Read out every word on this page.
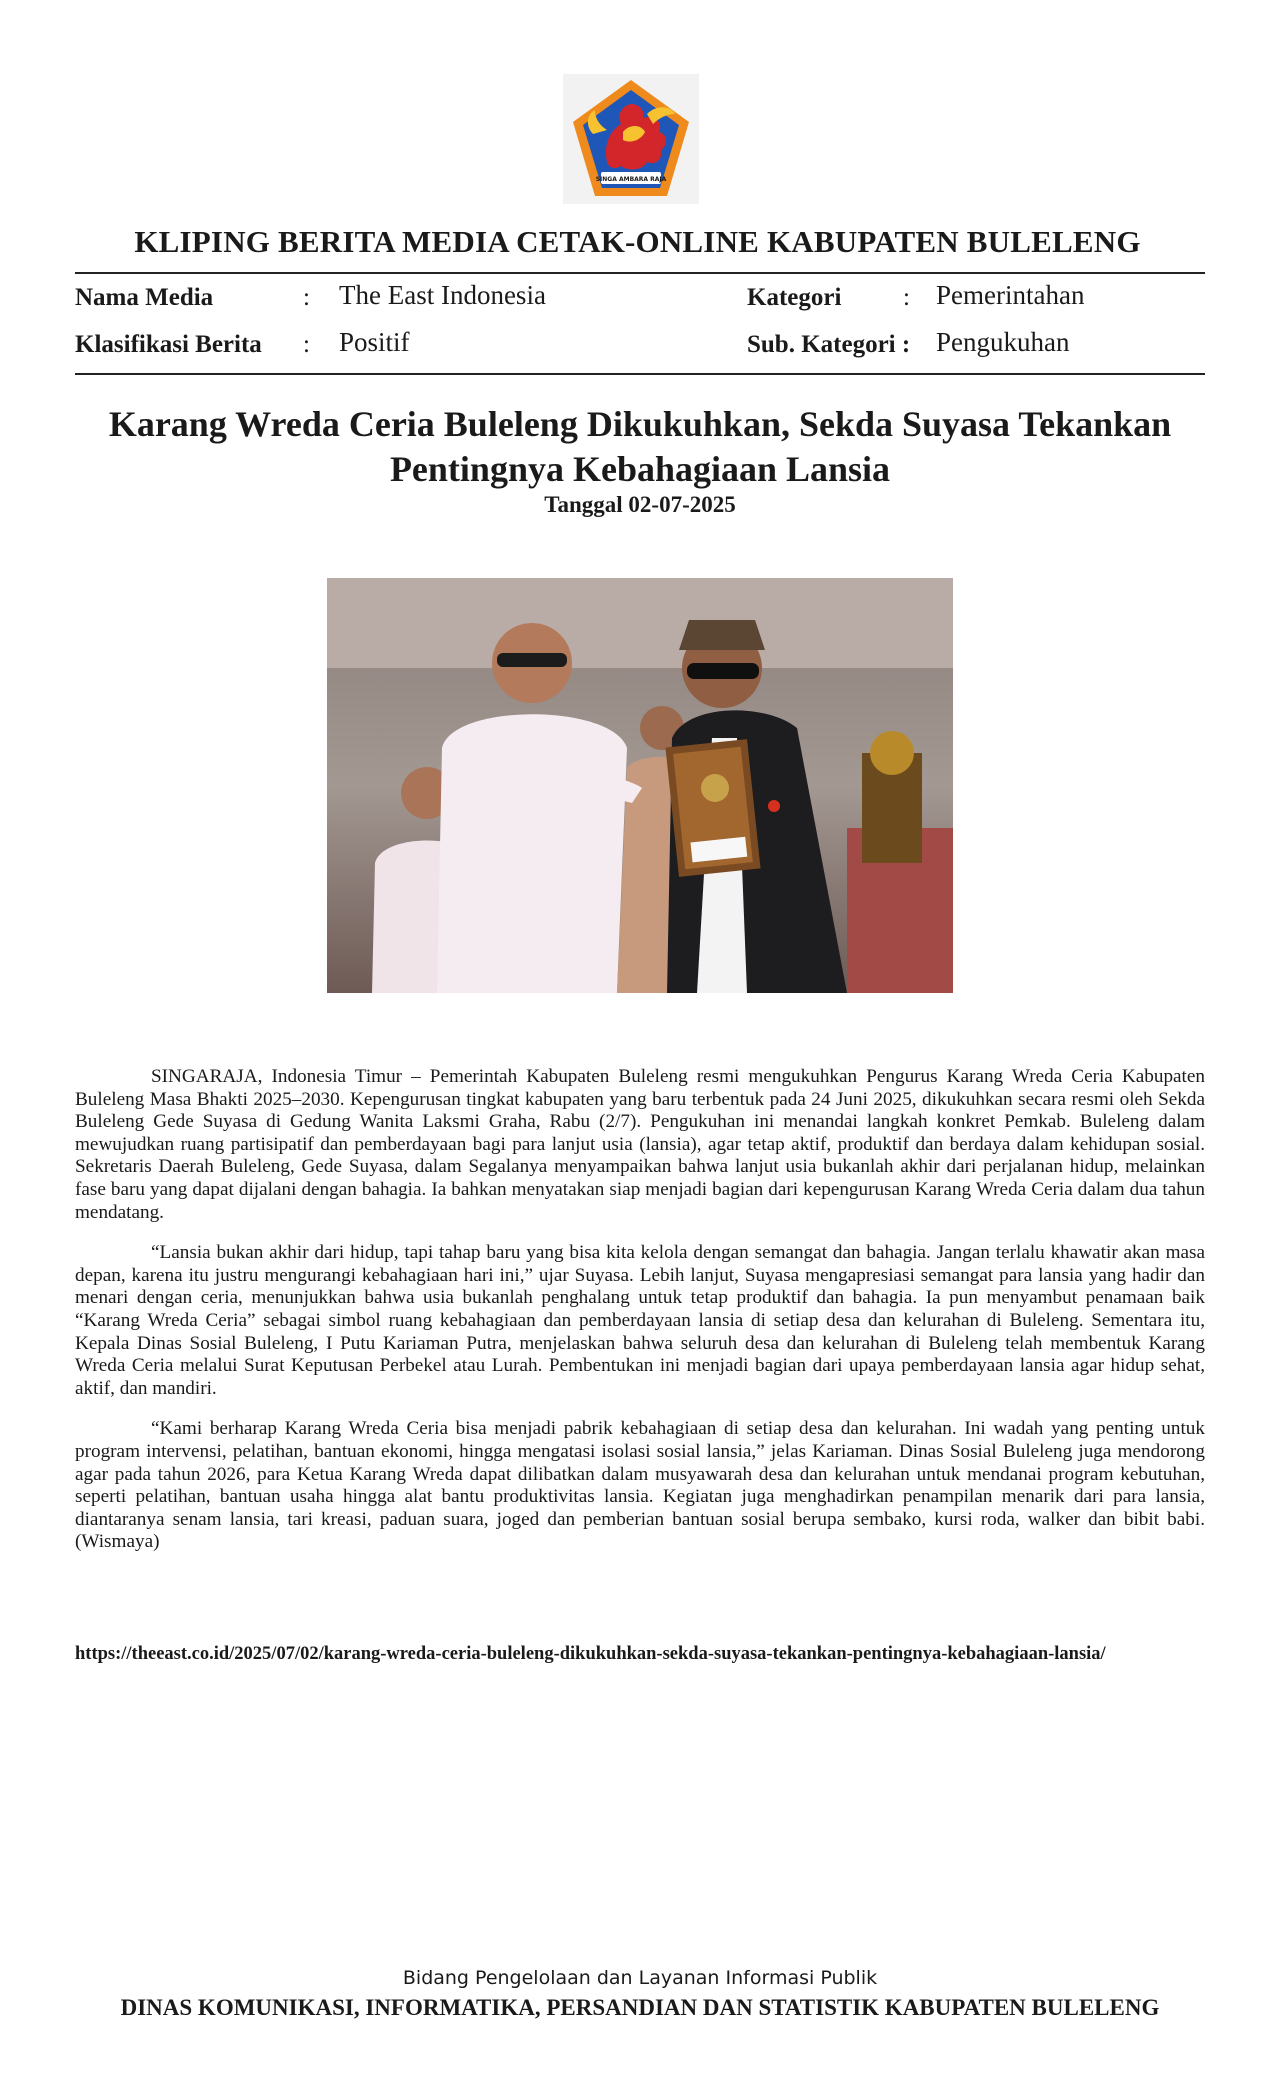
SINGA AMBARA RAJA
KLIPING BERITA MEDIA CETAK-ONLINE KABUPATEN BULELENG
Nama Media	: The East Indonesia	Kategori : Pemerintahan
Klasifikasi Berita : Positif	Sub. Kategori : Pengukuhan
Karang Wreda Ceria Buleleng Dikukuhkan, Sekda Suyasa Tekankan
Pentingnya Kebahagiaan Lansia
Tanggal 02-07-2025

SINGARAJA, Indonesia Timur – Pemerintah Kabupaten Buleleng resmi mengukuhkan Pengurus Karang Wreda Ceria Kabupaten Buleleng Masa Bhakti 2025–2030. Kepengurusan tingkat kabupaten yang baru terbentuk pada 24 Juni 2025, dikukuhkan secara resmi oleh Sekda Buleleng Gede Suyasa di Gedung Wanita Laksmi Graha, Rabu (2/7). Pengukuhan ini menandai langkah konkret Pemkab. Buleleng dalam mewujudkan ruang partisipatif dan pemberdayaan bagi para lanjut usia (lansia), agar tetap aktif, produktif dan berdaya dalam kehidupan sosial. Sekretaris Daerah Buleleng, Gede Suyasa, dalam Segalanya menyampaikan bahwa lanjut usia bukanlah akhir dari perjalanan hidup, melainkan fase baru yang dapat dijalani dengan bahagia. Ia bahkan menyatakan siap menjadi bagian dari kepengurusan Karang Wreda Ceria dalam dua tahun mendatang.

“Lansia bukan akhir dari hidup, tapi tahap baru yang bisa kita kelola dengan semangat dan bahagia. Jangan terlalu khawatir akan masa depan, karena itu justru mengurangi kebahagiaan hari ini,” ujar Suyasa. Lebih lanjut, Suyasa mengapresiasi semangat para lansia yang hadir dan menari dengan ceria, menunjukkan bahwa usia bukanlah penghalang untuk tetap produktif dan bahagia. Ia pun menyambut penamaan baik “Karang Wreda Ceria” sebagai simbol ruang kebahagiaan dan pemberdayaan lansia di setiap desa dan kelurahan di Buleleng. Sementara itu, Kepala Dinas Sosial Buleleng, I Putu Kariaman Putra, menjelaskan bahwa seluruh desa dan kelurahan di Buleleng telah membentuk Karang Wreda Ceria melalui Surat Keputusan Perbekel atau Lurah. Pembentukan ini menjadi bagian dari upaya pemberdayaan lansia agar hidup sehat, aktif, dan mandiri.

“Kami berharap Karang Wreda Ceria bisa menjadi pabrik kebahagiaan di setiap desa dan kelurahan. Ini wadah yang penting untuk program intervensi, pelatihan, bantuan ekonomi, hingga mengatasi isolasi sosial lansia,” jelas Kariaman. Dinas Sosial Buleleng juga mendorong agar pada tahun 2026, para Ketua Karang Wreda dapat dilibatkan dalam musyawarah desa dan kelurahan untuk mendanai program kebutuhan, seperti pelatihan, bantuan usaha hingga alat bantu produktivitas lansia. Kegiatan juga menghadirkan penampilan menarik dari para lansia, diantaranya senam lansia, tari kreasi, paduan suara, joged dan pemberian bantuan sosial berupa sembako, kursi roda, walker dan bibit babi.(Wismaya)

https://theeast.co.id/2025/07/02/karang-wreda-ceria-buleleng-dikukuhkan-sekda-suyasa-tekankan-pentingnya-kebahagiaan-lansia/
Bidang Pengelolaan dan Layanan Informasi Publik
DINAS KOMUNIKASI, INFORMATIKA, PERSANDIAN DAN STATISTIK KABUPATEN BULELENG
